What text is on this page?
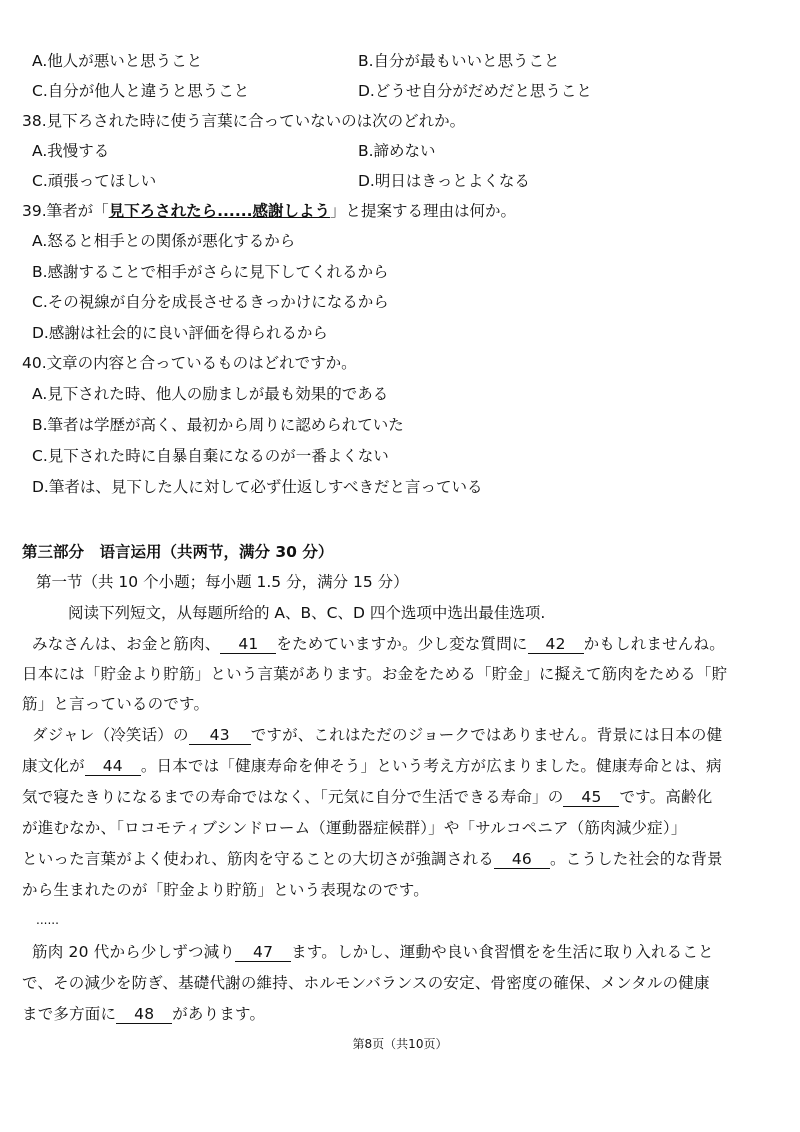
A.他人が悪いと思うこと	B.自分が最もいいと思うこと
C.自分が他人と違うと思うこと	D.どうせ自分がだめだと思うこと
38.見下ろされた時に使う言葉に合っていないのは次のどれか。
A.我慢する	B.諦めない
C.頑張ってほしい	D.明日はきっとよくなる
39.筆者が「見下ろされたら......感謝しよう」と提案する理由は何か。
A.怒ると相手との関係が悪化するから
B.感謝することで相手がさらに見下してくれるから
C.その視線が自分を成長させるきっかけになるから
D.感謝は社会的に良い評価を得られるから
40.文章の内容と合っているものはどれですか。
A.見下された時、他人の励ましが最も効果的である
B.筆者は学歴が高く、最初から周りに認められていた
C.見下された時に自暴自棄になるのが一番よくない
D.筆者は、見下した人に対して必ず仕返しすべきだと言っている
第三部分　语言运用（共两节，满分 30 分）
第一节（共 10 个小题；每小题 1.5 分，满分 15 分）
阅读下列短文，从每题所给的 A、B、C、D 四个选项中选出最佳选项.
みなさんは、お金と筋肉、 41 をためていますか。少し変な質問に 42 かもしれませんね。
日本には「貯金より貯筋」という言葉があります。お金をためる「貯金」に擬えて筋肉をためる「貯
筋」と言っているのです。
ダジャレ（冷笑话）の 43 ですが、これはただのジョークではありません。背景には日本の健
康文化が 44 。日本では「健康寿命を伸そう」という考え方が広まりました。健康寿命とは、病
気で寝たきりになるまでの寿命ではなく、「元気に自分で生活できる寿命」の 45 です。高齢化
が進むなか、「ロコモティブシンドローム（運動器症候群）」や「サルコペニア（筋肉減少症）」
といった言葉がよく使われ、筋肉を守ることの大切さが強調される 46 。こうした社会的な背景
から生まれたのが「貯金より貯筋」という表現なのです。
......
筋肉 20 代から少しずつ減り 47 ます。しかし、運動や良い食習慣をを生活に取り入れること
で、その減少を防ぎ、基礎代謝の維持、ホルモンバランスの安定、骨密度の確保、メンタルの健康
まで多方面に 48 があります。
第8页（共10页）
